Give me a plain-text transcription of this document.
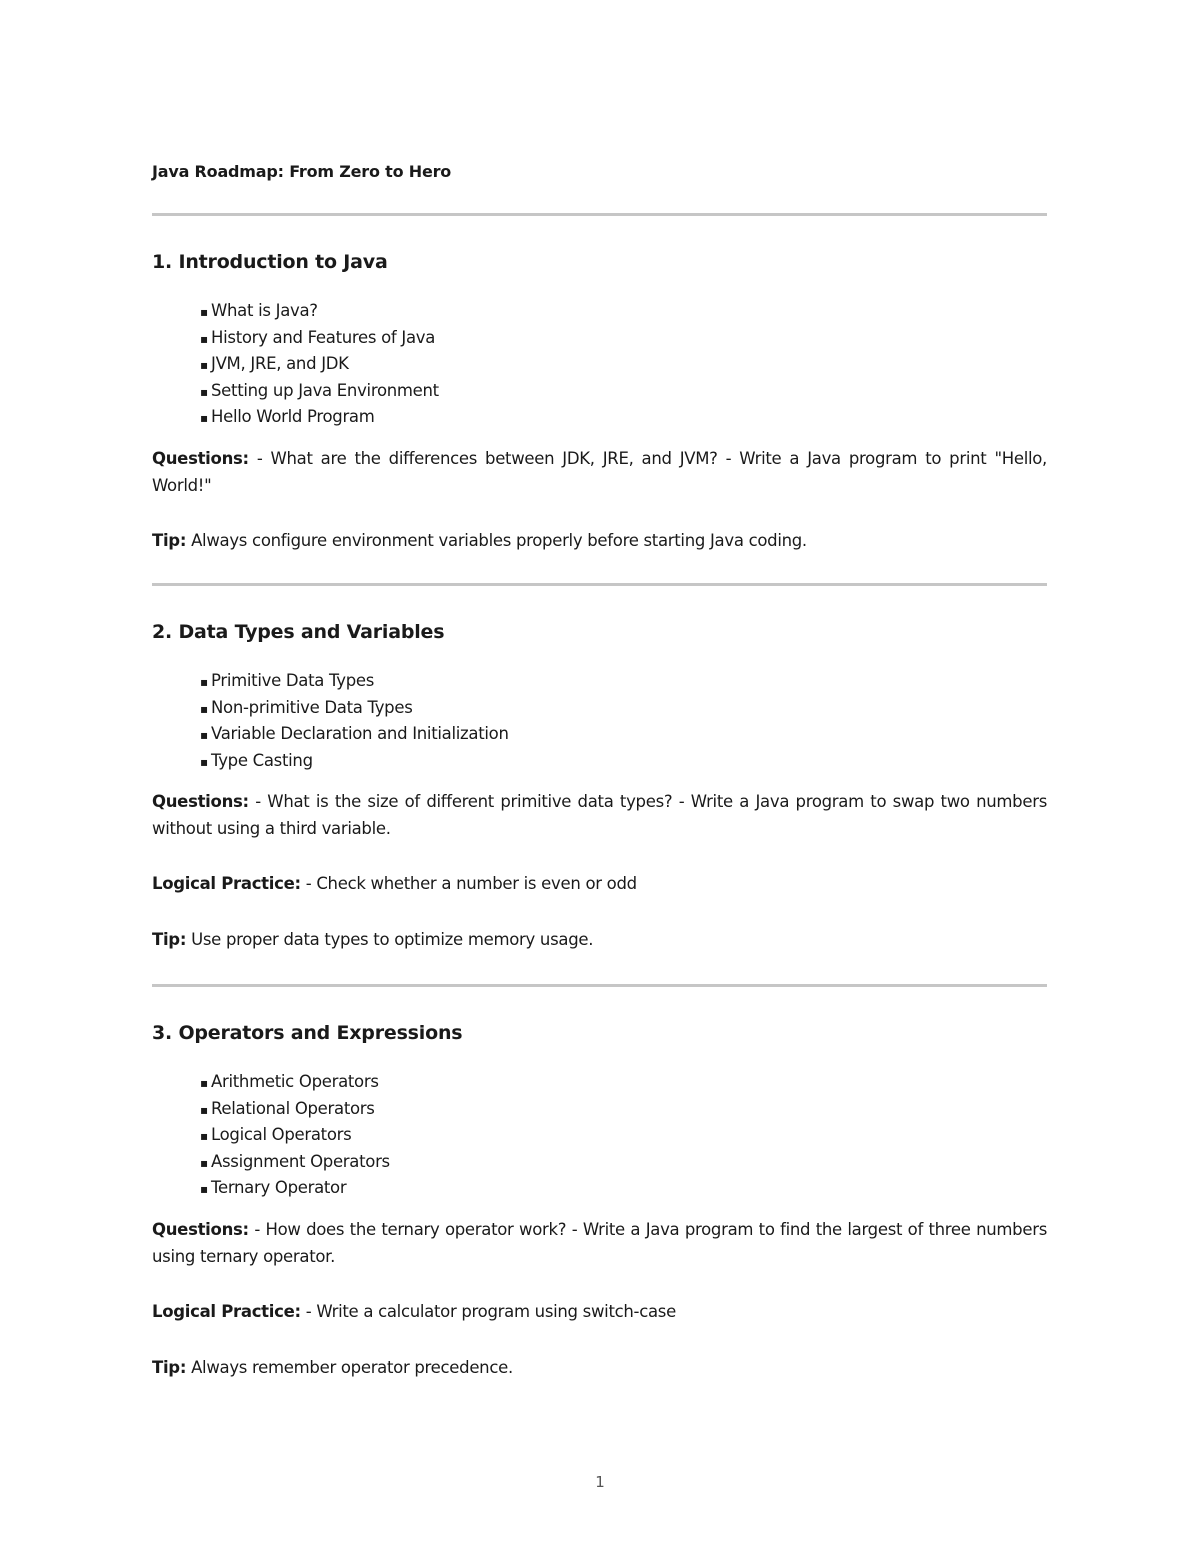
Java Roadmap: From Zero to Hero
1. Introduction to Java
▪ What is Java?
▪ History and Features of Java
▪ JVM, JRE, and JDK
▪ Setting up Java Environment
▪ Hello World Program

Questions: - What are the differences between JDK, JRE, and JVM? - Write a Java program to print "Hello, World!"

Tip: Always configure environment variables properly before starting Java coding.

2. Data Types and Variables
▪ Primitive Data Types
▪ Non-primitive Data Types
▪ Variable Declaration and Initialization
▪ Type Casting

Questions: - What is the size of different primitive data types? - Write a Java program to swap two numbers without using a third variable.

Logical Practice: - Check whether a number is even or odd

Tip: Use proper data types to optimize memory usage.

3. Operators and Expressions
▪ Arithmetic Operators
▪ Relational Operators
▪ Logical Operators
▪ Assignment Operators
▪ Ternary Operator

Questions: - How does the ternary operator work? - Write a Java program to find the largest of three numbers using ternary operator.

Logical Practice: - Write a calculator program using switch-case

Tip: Always remember operator precedence.

1
